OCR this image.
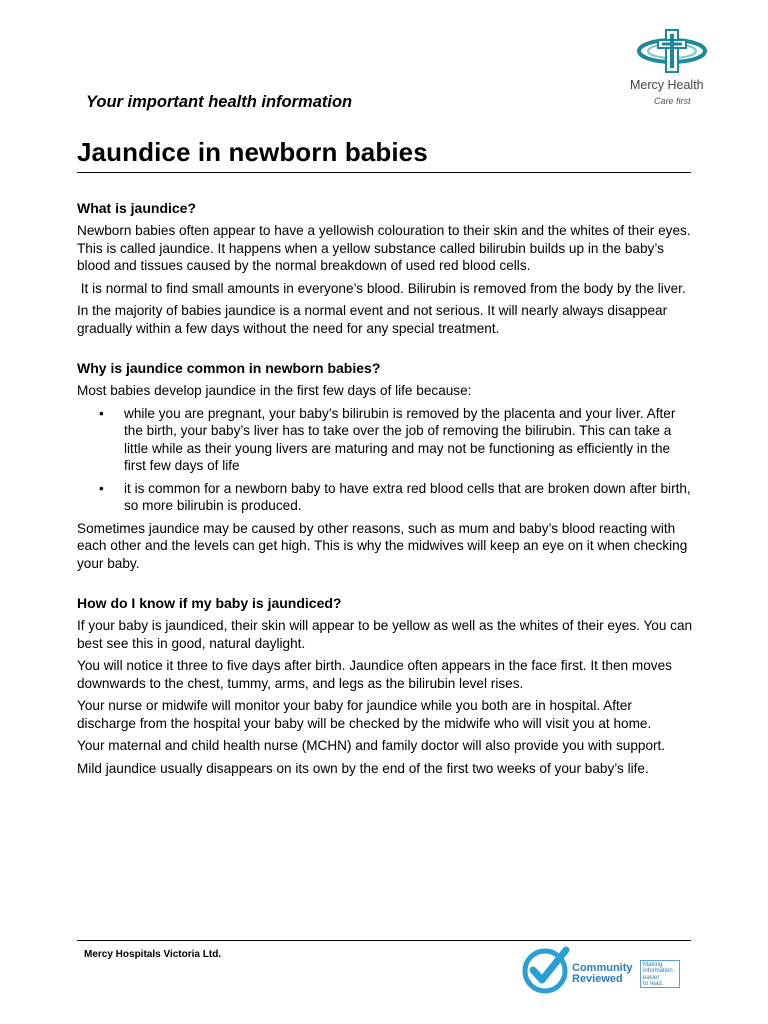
Mercy Health
Care first
Your important health information
Jaundice in newborn babies
What is jaundice?

Newborn babies often appear to have a yellowish colouration to their skin and the whites of their eyes. This is called jaundice. It happens when a yellow substance called bilirubin builds up in the baby’s blood and tissues caused by the normal breakdown of used red blood cells.

It is normal to find small amounts in everyone’s blood. Bilirubin is removed from the body by the liver.

In the majority of babies jaundice is a normal event and not serious. It will nearly always disappear gradually within a few days without the need for any special treatment.

Why is jaundice common in newborn babies?

Most babies develop jaundice in the first few days of life because:

• while you are pregnant, your baby’s bilirubin is removed by the placenta and your liver. After the birth, your baby’s liver has to take over the job of removing the bilirubin. This can take a little while as their young livers are maturing and may not be functioning as efficiently in the first few days of life
• it is common for a newborn baby to have extra red blood cells that are broken down after birth, so more bilirubin is produced.

Sometimes jaundice may be caused by other reasons, such as mum and baby’s blood reacting with each other and the levels can get high. This is why the midwives will keep an eye on it when checking your baby.

How do I know if my baby is jaundiced?

If your baby is jaundiced, their skin will appear to be yellow as well as the whites of their eyes. You can best see this in good, natural daylight.

You will notice it three to five days after birth. Jaundice often appears in the face first. It then moves downwards to the chest, tummy, arms, and legs as the bilirubin level rises.

Your nurse or midwife will monitor your baby for jaundice while you both are in hospital. After discharge from the hospital your baby will be checked by the midwife who will visit you at home.

Your maternal and child health nurse (MCHN) and family doctor will also provide you with support.

Mild jaundice usually disappears on its own by the end of the first two weeks of your baby’s life.

Mercy Hospitals Victoria Ltd.
Community
Reviewed
Making
information
easier
to read.
